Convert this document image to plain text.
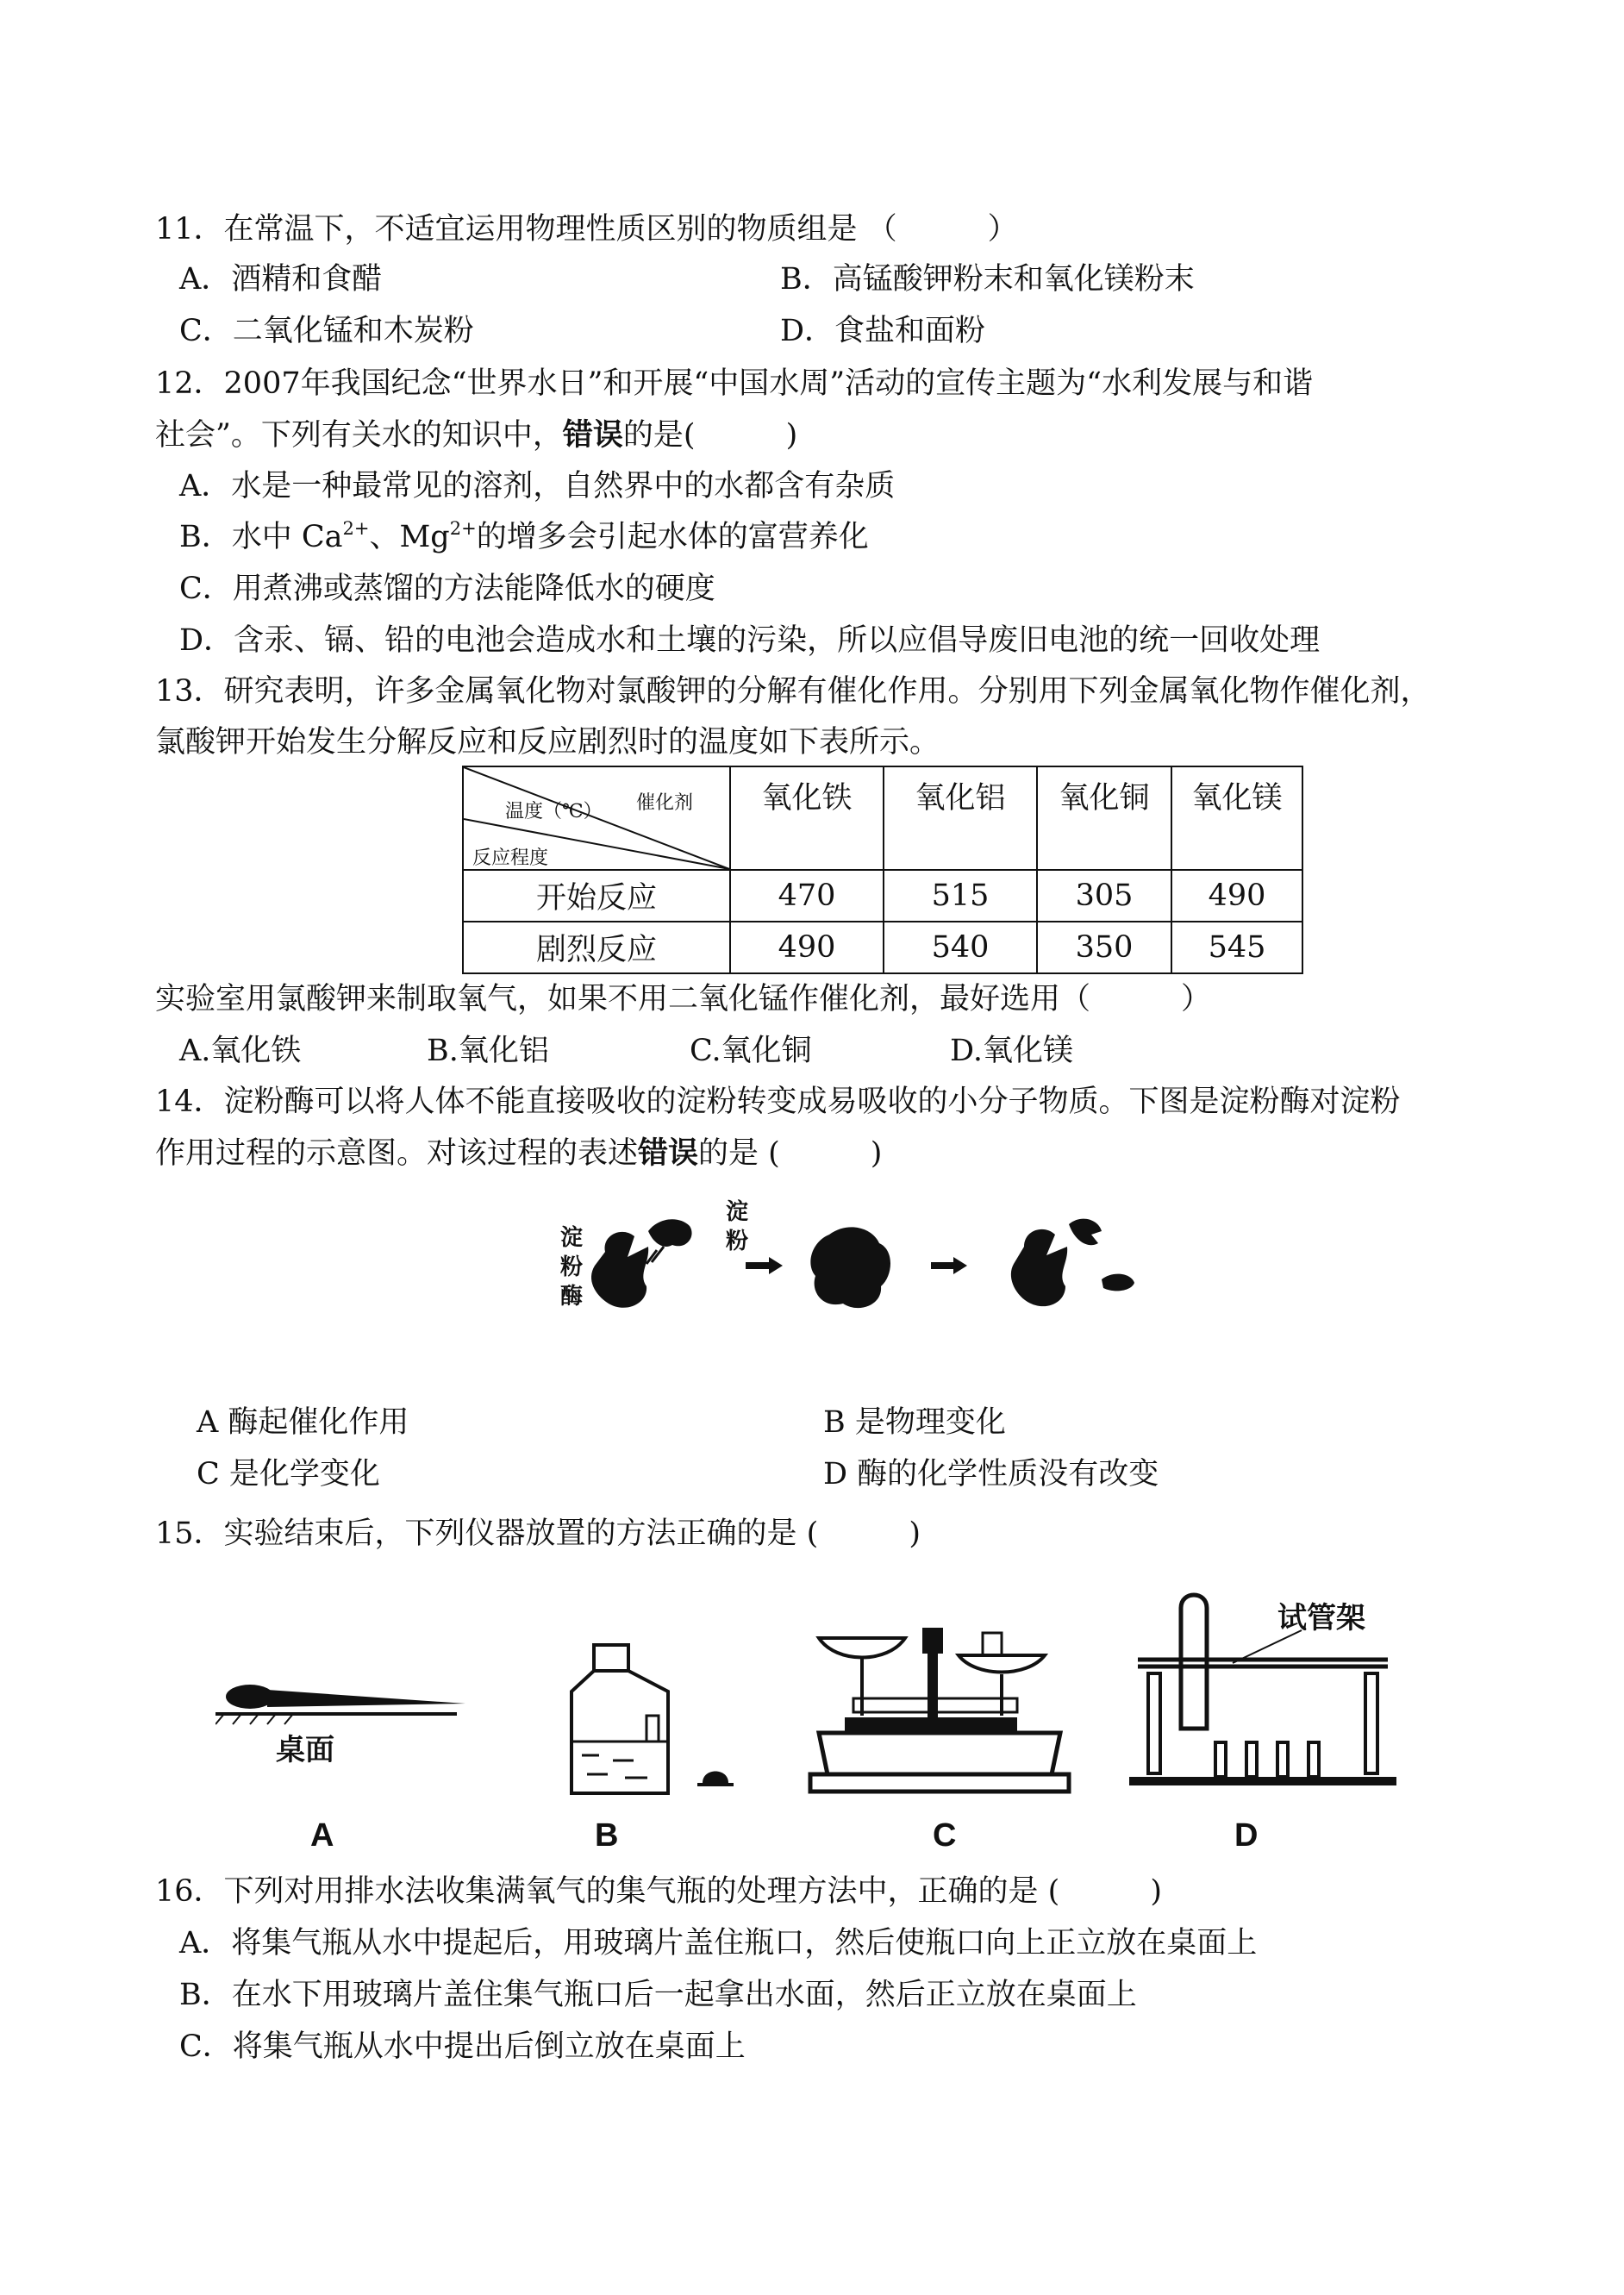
11．在常温下，不适宜运用物理性质区别的物质组是 （　　　）
A．酒精和食醋	B．高锰酸钾粉末和氧化镁粉末
C．二氧化锰和木炭粉	D．食盐和面粉
12．2007年我国纪念“世界水日”和开展“中国水周”活动的宣传主题为“水利发展与和谐
社会”。下列有关水的知识中，错误的是(　　　)
A．水是一种最常见的溶剂，自然界中的水都含有杂质
B．水中 $Ca^{2+}$、$Mg^{2+}$的增多会引起水体的富营养化
C．用煮沸或蒸馏的方法能降低水的硬度
D．含汞、镉、铅的电池会造成水和土壤的污染，所以应倡导废旧电池的统一回收处理
13．研究表明，许多金属氧化物对氯酸钾的分解有催化作用。分别用下列金属氧化物作催化剂，
氯酸钾开始发生分解反应和反应剧烈时的温度如下表所示。
催化剂
温度（℃）
反应程度	氧化铁	氧化铝	氧化铜	氧化镁
开始反应	470	515	305	490
剧烈反应	490	540	350	545
实验室用氯酸钾来制取氧气，如果不用二氧化锰作催化剂，最好选用（　　　）
A.氧化铁	B.氧化铝	C.氧化铜	D.氧化镁
14．淀粉酶可以将人体不能直接吸收的淀粉转变成易吸收的小分子物质。下图是淀粉酶对淀粉
作用过程的示意图。对该过程的表述错误的是 (　　　)
淀粉酶
淀粉
A 酶起催化作用	B 是物理变化
C 是化学变化	D 酶的化学性质没有改变
15．实验结束后，下列仪器放置的方法正确的是 (　　　)
桌面
A	B	C
试管架
D
16．下列对用排水法收集满氧气的集气瓶的处理方法中，正确的是 (　　　)
A．将集气瓶从水中提起后，用玻璃片盖住瓶口，然后使瓶口向上正立放在桌面上
B．在水下用玻璃片盖住集气瓶口后一起拿出水面，然后正立放在桌面上
C．将集气瓶从水中提出后倒立放在桌面上
